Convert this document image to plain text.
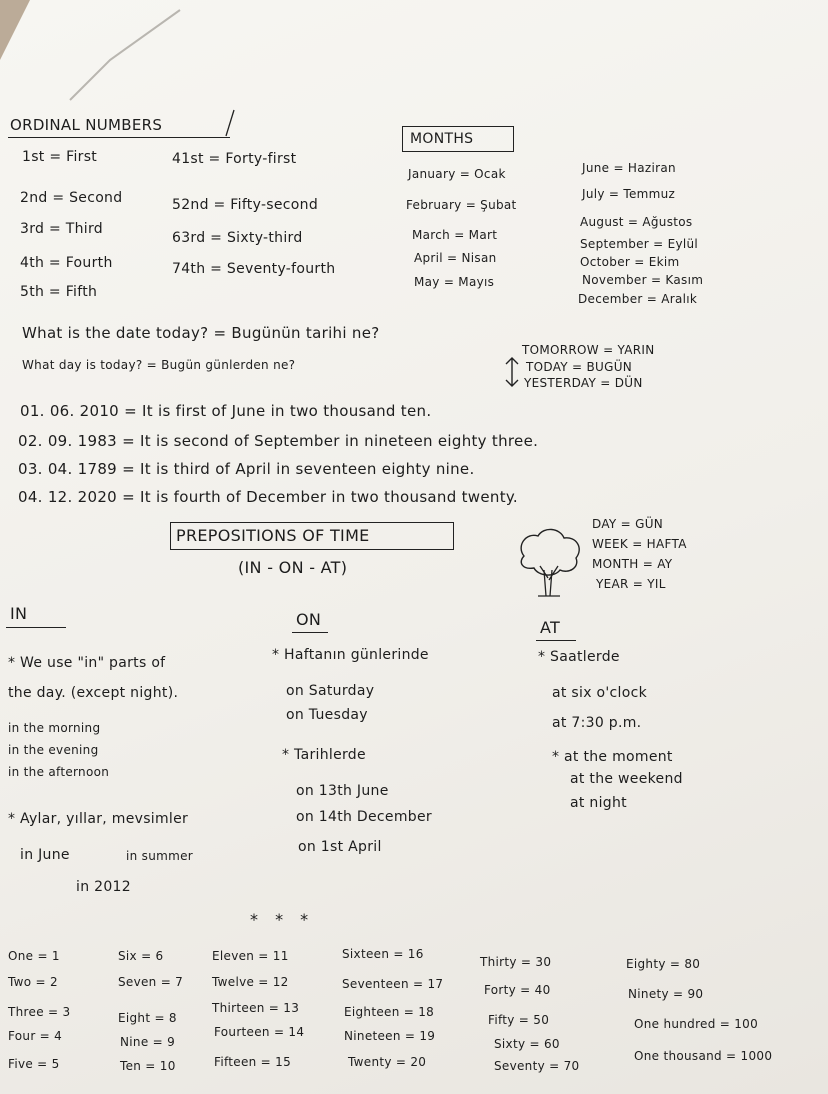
ORDINAL NUMBERS
1st = First
2nd = Second
3rd = Third
4th = Fourth
5th = Fifth
41st = Forty-first
52nd = Fifty-second
63rd = Sixty-third
74th = Seventy-fourth
MONTHS
January = Ocak
February = Şubat
March = Mart
April = Nisan
May = Mayıs
June = Haziran
July = Temmuz
August = Ağustos
September = Eylül
October = Ekim
November = Kasım
December = Aralık
What is the date today? = Bugünün tarihi ne?
What day is today? = Bugün günlerden ne?
TOMORROW = YARIN
TODAY = BUGÜN
YESTERDAY = DÜN
01. 06. 2010 = It is first of June in two thousand ten.
02. 09. 1983 = It is second of September in nineteen eighty three.
03. 04. 1789 = It is third of April in seventeen eighty nine.
04. 12. 2020 = It is fourth of December in two thousand twenty.
PREPOSITIONS OF TIME
(IN - ON - AT)
DAY = GÜN
WEEK = HAFTA
MONTH = AY
YEAR = YIL
IN	ON	AT
* We use "in" parts of
the day. (except night).
in the morning
in the evening
in the afternoon
* Aylar, yıllar, mevsimler
in June	in summer
in 2012
* Haftanın günlerinde
on Saturday
on Tuesday
* Tarihlerde
on 13th June
on 14th December
on 1st April
* Saatlerde
at six o'clock
at 7:30 p.m.
* at the moment
at the weekend
at night
* * *
One = 1
Two = 2
Three = 3
Four = 4
Five = 5
Six = 6
Seven = 7
Eight = 8
Nine = 9
Ten = 10
Eleven = 11
Twelve = 12
Thirteen = 13
Fourteen = 14
Fifteen = 15
Sixteen = 16
Seventeen = 17
Eighteen = 18
Nineteen = 19
Twenty = 20
Thirty = 30
Forty = 40
Fifty = 50
Sixty = 60
Seventy = 70
Eighty = 80
Ninety = 90
One hundred = 100
One thousand = 1000
